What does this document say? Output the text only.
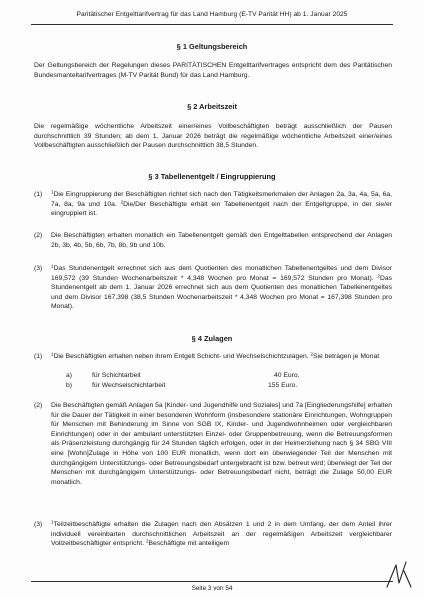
Paritätischer Entgelttarifvertrag für das Land Hamburg (E-TV Parität HH) ab 1. Januar 2025
§ 1 Geltungsbereich
Der Geltungsbereich der Regelungen dieses PARITÄTISCHEN Entgelttarifvertrages entspricht dem des Paritätischen Bundesmanteltarifvertrages (M-TV Parität Bund) für das Land Hamburg.
§ 2 Arbeitszeit
Die regelmäßige wöchentliche Arbeitszeit einer/eines Vollbeschäftigten beträgt ausschließlich der Pausen durchschnittlich 39 Stunden; ab dem 1. Januar 2026 beträgt die regelmäßige wöchentliche Arbeitszeit einer/eines Vollbeschäftigten ausschließlich der Pausen durchschnittlich 38,5 Stunden.
§ 3 Tabellenentgelt / Eingruppierung
(1)	$^1$Die Eingruppierung der Beschäftigten richtet sich nach den Tätigkeitsmerkmalen der Anlagen 2a, 3a, 4a, 5a, 6a, 7a, 8a, 9a und 10a. $^2$Die/Der Beschäftigte erhält ein Tabellenentgelt nach der Entgeltgruppe, in der sie/er eingruppiert ist.
(2)	Die Beschäftigten erhalten monatlich ein Tabellenentgelt gemäß den Entgelttabellen entsprechend der Anlagen 2b, 3b, 4b, 5b, 6b, 7b, 8b, 9b und 10b.
(3)	$^1$Das Stundenentgelt errechnet sich aus dem Quotienten des monatlichen Tabellenentgeltes und dem Divisor 169,572 (39 Stunden Wochenarbeitszeit * 4,348 Wochen pro Monat = 169,572 Stunden pro Monat). $^2$Das Stundenentgelt ab dem 1. Januar 2026 errechnet sich aus dem Quotienten des monatlichen Tabellenentgeltes und dem Divisor 167,398 (38,5 Stunden Wochenarbeitszeit * 4,348 Wochen pro Monat = 167,398 Stunden pro Monat).
§ 4 Zulagen
(1)	$^1$Die Beschäftigten erhalten neben ihrem Entgelt Schicht- und Wechselschichtzulagen. $^2$Sie betragen je Monat
a)	für Schichtarbeit	40 Euro,
b)	für Wechselschichtarbeit	155 Euro.
(2)	Die Beschäftigten gemäß Anlagen 5a [Kinder- und Jugendhilfe und Soziales] und 7a [Eingliederungshilfe] erhalten für die Dauer der Tätigkeit in einer besonderen Wohnform (insbesondere stationäre Einrichtungen, Wohngruppen für Menschen mit Behinderung im Sinne von SGB IX, Kinder- und Jugendwohnheimen oder vergleichbaren Einrichtungen) oder in der ambulant unterstützten Einzel- oder Gruppenbetreuung, wenn die Betreuungsformen als Präsenzleistung durchgängig für 24 Stunden täglich erfolgen, oder in der Heimerziehung nach § 34 SBG VIII eine [Wohn]Zulage in Höhe von 100 EUR monatlich, wenn dort ein überwiegender Teil der Menschen mit durchgängigem Unterstützungs- oder Betreuungsbedarf untergebracht ist bzw. betreut wird; überwiegt der Teil der Menschen mit durchgängigem Unterstützungs- oder Betreuungsbedarf nicht, beträgt die Zulage 50,00 EUR monatlich.
(3)	$^1$Teilzeitbeschäftigte erhalten die Zulagen nach den Absätzen 1 und 2 in dem Umfang, der dem Anteil ihrer individuell vereinbarten durchschnittlichen Arbeitszeit an der regelmäßigen Arbeitszeit vergleichbarer Vollzeitbeschäftigter entspricht. $^2$Beschäftigte mit anteiligem
Seite 3 von 54
